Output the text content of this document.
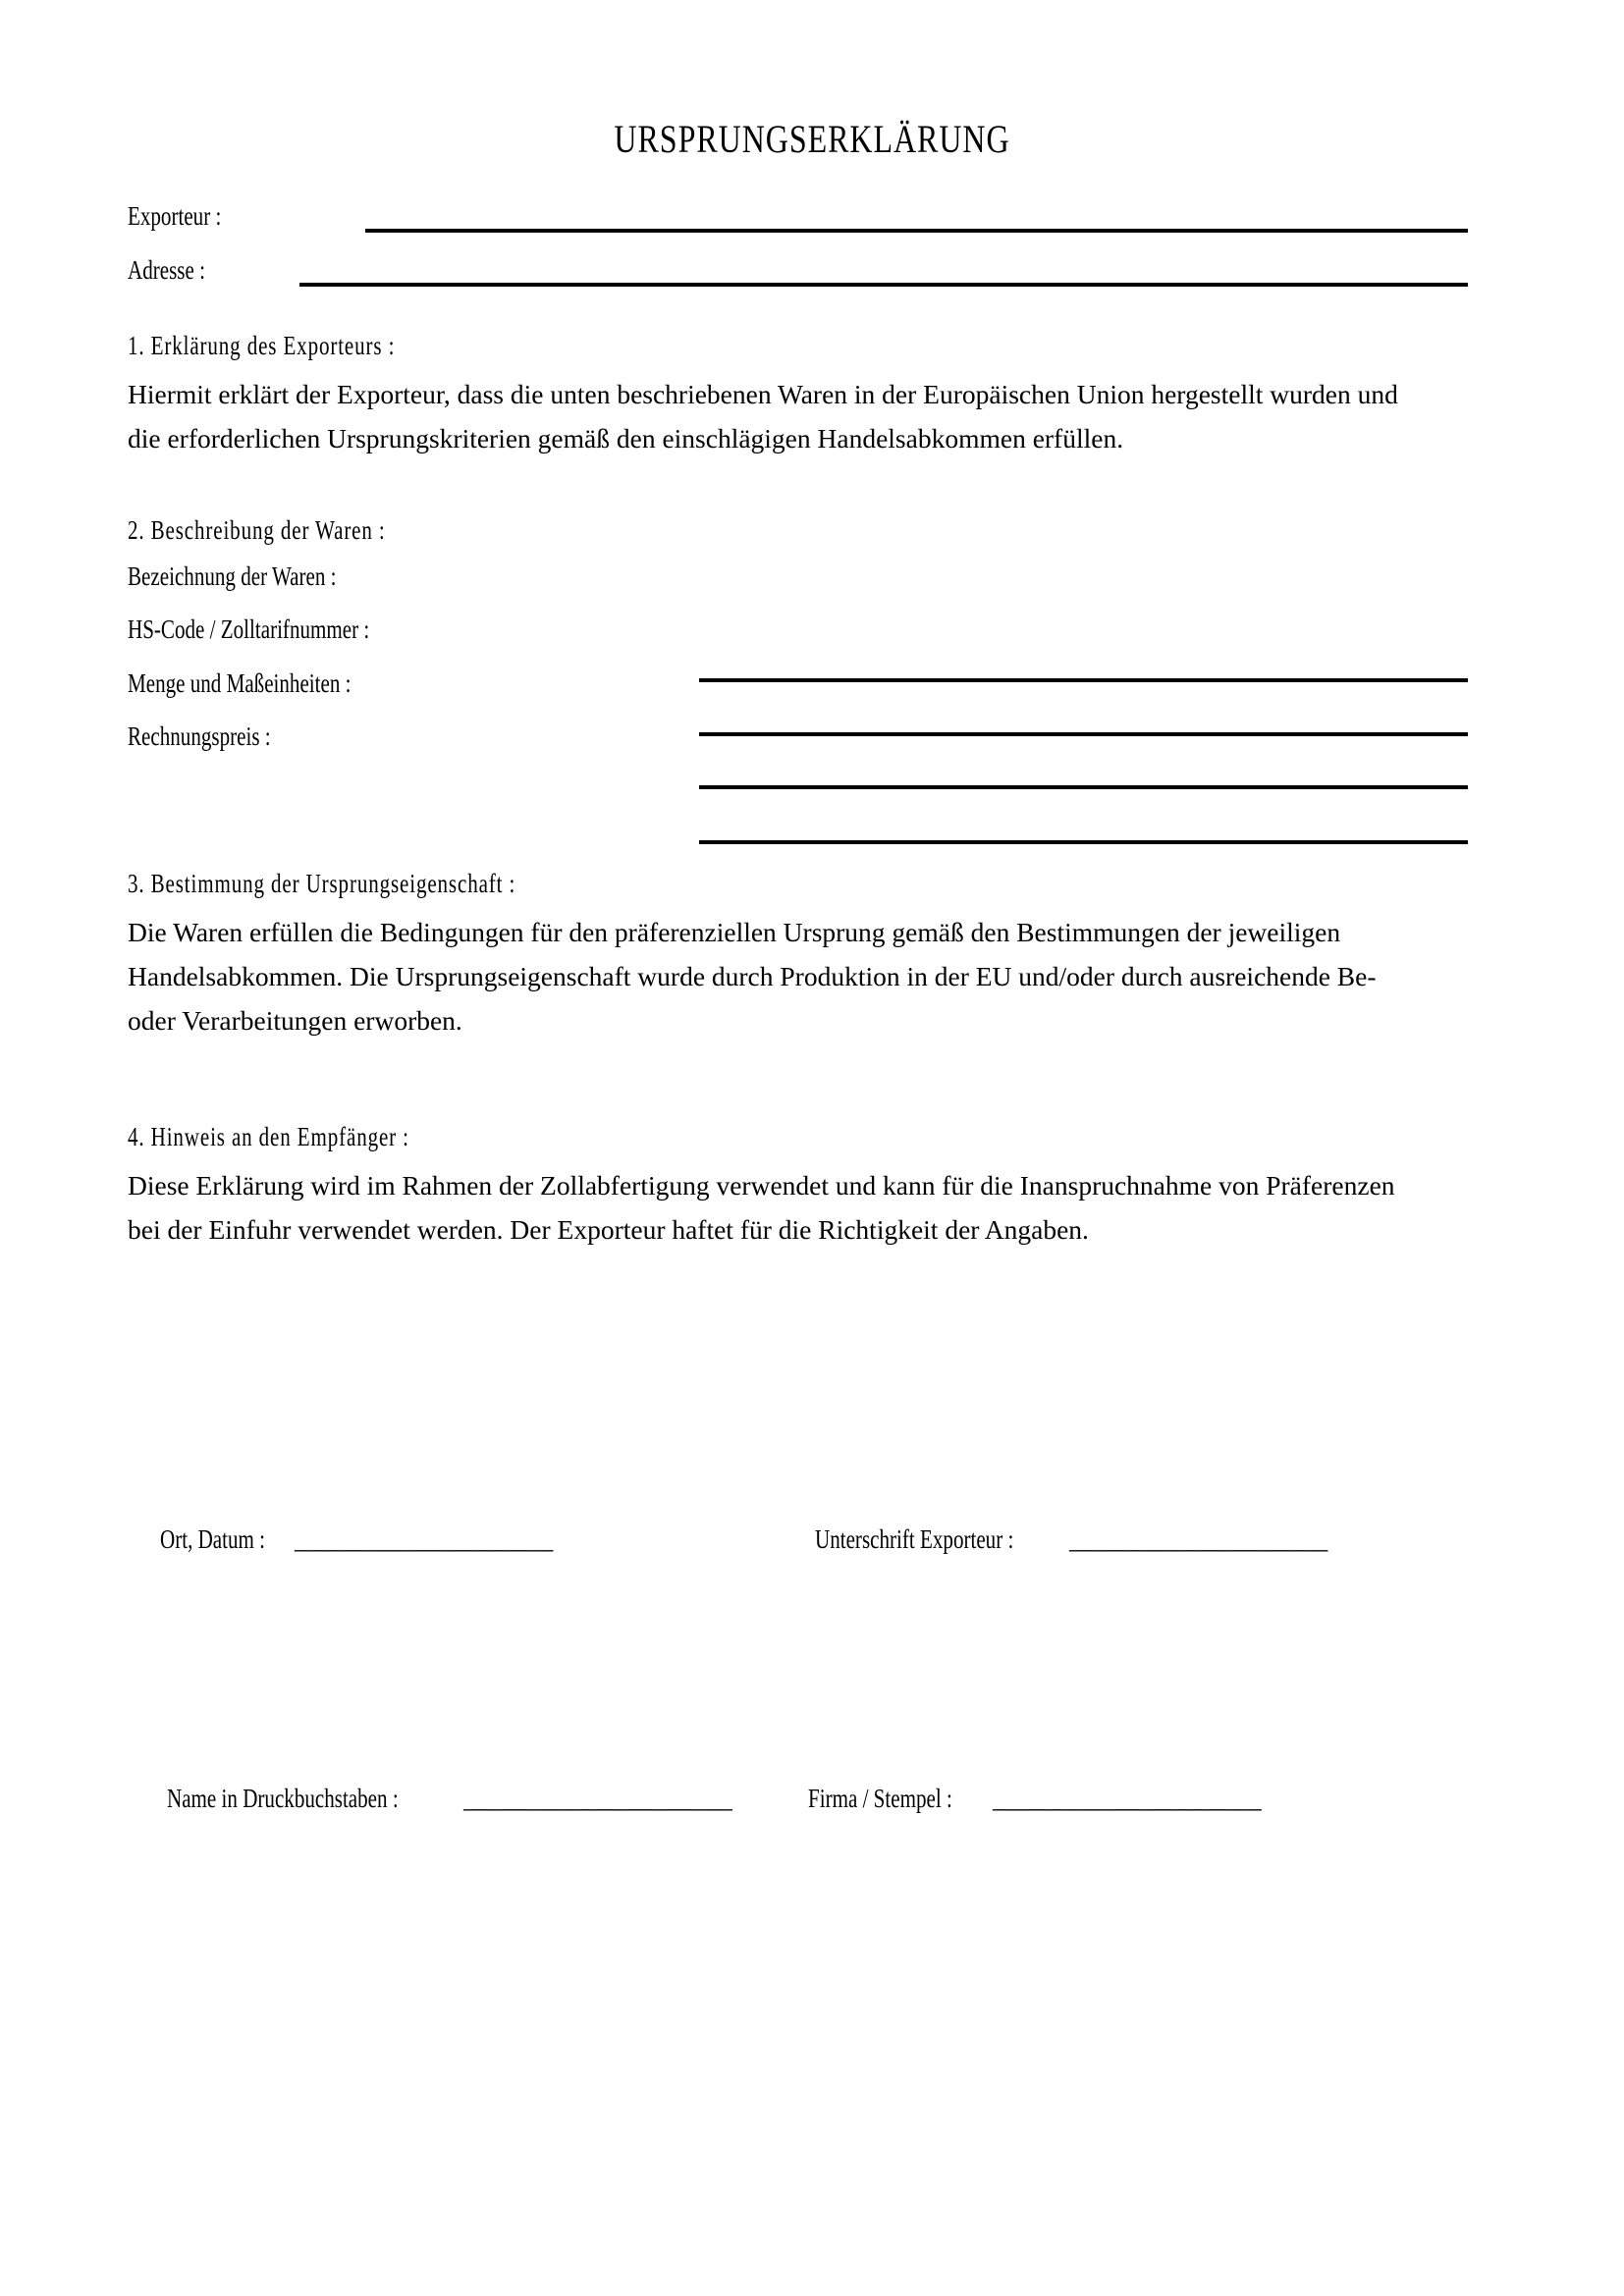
URSPRUNGSERKLÄRUNG
Exporteur :
Adresse :
1. Erklärung des Exporteurs :
Hiermit erklärt der Exporteur, dass die unten beschriebenen Waren in der Europäischen Union hergestellt wurden und
die erforderlichen Ursprungskriterien gemäß den einschlägigen Handelsabkommen erfüllen.
2. Beschreibung der Waren :
Bezeichnung der Waren :
HS-Code / Zolltarifnummer :
Menge und Maßeinheiten :
Rechnungspreis :
3. Bestimmung der Ursprungseigenschaft :
Die Waren erfüllen die Bedingungen für den präferenziellen Ursprung gemäß den Bestimmungen der jeweiligen
Handelsabkommen. Die Ursprungseigenschaft wurde durch Produktion in der EU und/oder durch ausreichende Be-
oder Verarbeitungen erworben.
4. Hinweis an den Empfänger :
Diese Erklärung wird im Rahmen der Zollabfertigung verwendet und kann für die Inanspruchnahme von Präferenzen
bei der Einfuhr verwendet werden. Der Exporteur haftet für die Richtigkeit der Angaben.
Ort, Datum :_________________________	Unterschrift Exporteur :_________________________
Name in Druckbuchstaben :__________________________	Firma / Stempel :__________________________
